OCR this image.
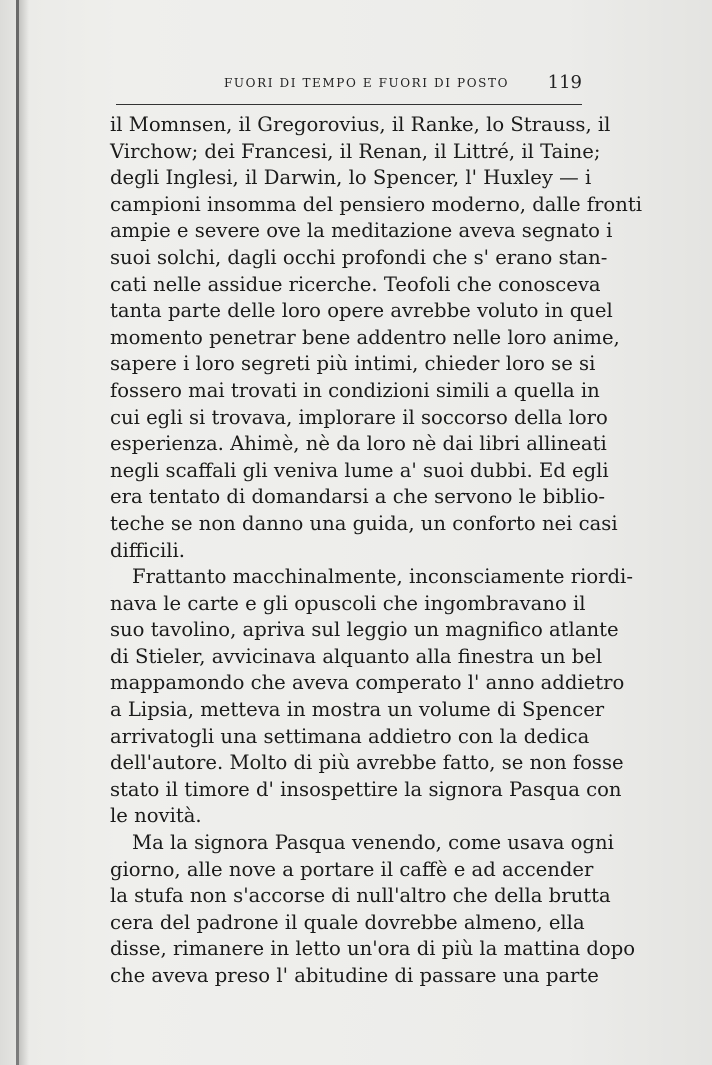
FUORI DI TEMPO E FUORI DI POSTO 119
il Momnsen, il Gregorovius, il Ranke, lo Strauss, il
Virchow; dei Francesi, il Renan, il Littré, il Taine;
degli Inglesi, il Darwin, lo Spencer, l' Huxley — i
campioni insomma del pensiero moderno, dalle fronti
ampie e severe ove la meditazione aveva segnato i
suoi solchi, dagli occhi profondi che s' erano stan-
cati nelle assidue ricerche. Teofoli che conosceva
tanta parte delle loro opere avrebbe voluto in quel
momento penetrar bene addentro nelle loro anime,
sapere i loro segreti più intimi, chieder loro se si
fossero mai trovati in condizioni simili a quella in
cui egli si trovava, implorare il soccorso della loro
esperienza. Ahimè, nè da loro nè dai libri allineati
negli scaffali gli veniva lume a' suoi dubbi. Ed egli
era tentato di domandarsi a che servono le biblio-
teche se non danno una guida, un conforto nei casi
difficili.
Frattanto macchinalmente, inconsciamente riordi-
nava le carte e gli opuscoli che ingombravano il
suo tavolino, apriva sul leggio un magnifico atlante
di Stieler, avvicinava alquanto alla finestra un bel
mappamondo che aveva comperato l' anno addietro
a Lipsia, metteva in mostra un volume di Spencer
arrivatogli una settimana addietro con la dedica
dell'autore. Molto di più avrebbe fatto, se non fosse
stato il timore d' insospettire la signora Pasqua con
le novità.
Ma la signora Pasqua venendo, come usava ogni
giorno, alle nove a portare il caffè e ad accender
la stufa non s'accorse di null'altro che della brutta
cera del padrone il quale dovrebbe almeno, ella
disse, rimanere in letto un'ora di più la mattina dopo
che aveva preso l' abitudine di passare una parte
